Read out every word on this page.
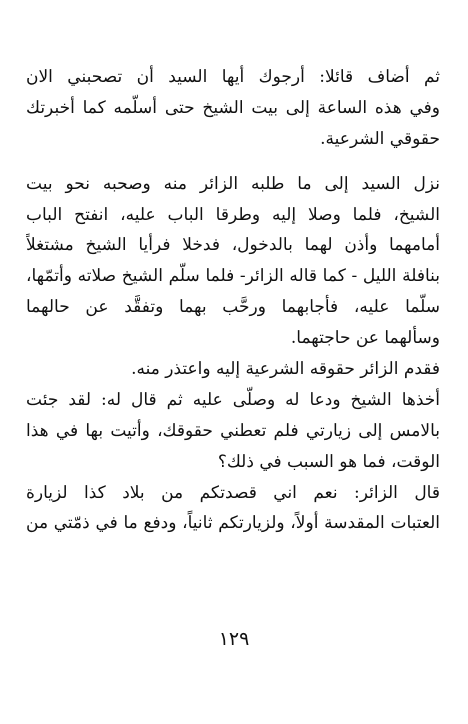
ثم أضاف قائلا: أرجوك أيها السيد أن تصحبني الان
وفي هذه الساعة إلى بيت الشيخ حتى أسلّمه كما أخبرتك
حقوقي الشرعية.
نزل السيد إلى ما طلبه الزائر منه وصحبه نحو بيت
الشيخ، فلما وصلا إليه وطرقا الباب عليه، انفتح الباب
أمامهما وأذن لهما بالدخول، فدخلا فرأيا الشيخ مشتغلاً
بنافلة الليل - كما قاله الزائر- فلما سلّم الشيخ صلاته وأتمّها،
سلّما عليه، فأجابهما ورحَّب بهما وتفقَّد عن حالهما
وسألهما عن حاجتهما.
فقدم الزائر حقوقه الشرعية إليه واعتذر منه.
أخذها الشيخ ودعا له وصلّى عليه ثم قال له: لقد جئت
بالامس إلى زيارتي فلم تعطني حقوقك، وأتيت بها في هذا
الوقت، فما هو السبب في ذلك؟
قال الزائر: نعم اني قصدتكم من بلاد كذا لزيارة
العتبات المقدسة أولاً، ولزيارتكم ثانياً، ودفع ما في ذمّتي من
١٢٩
